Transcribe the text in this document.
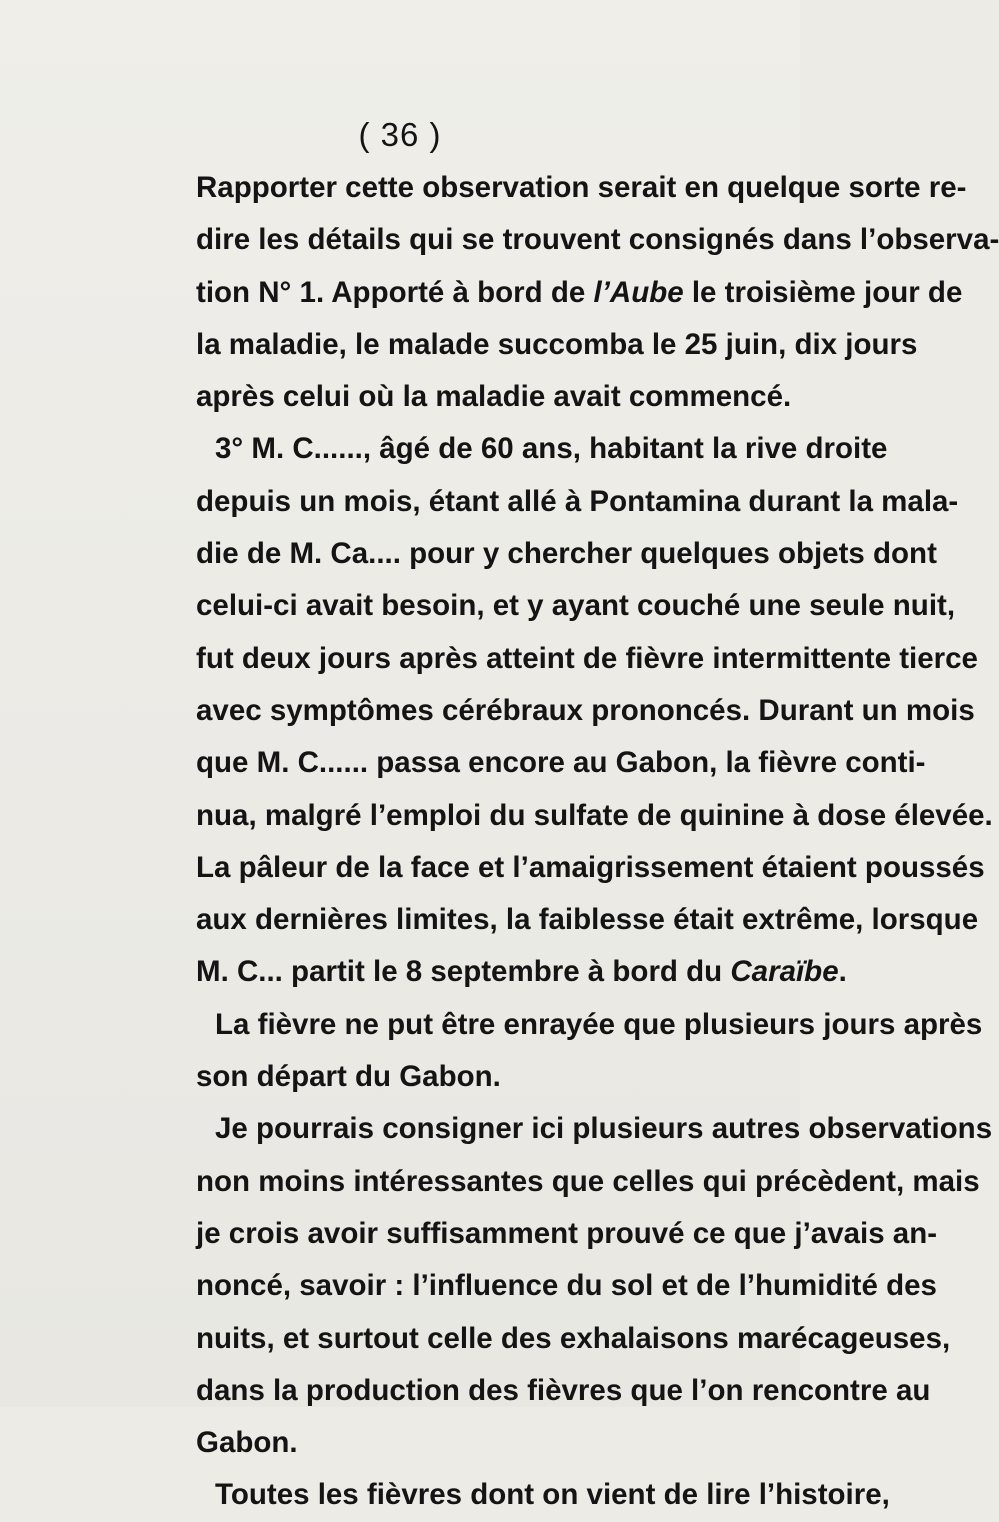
( 36 )
Rapporter cette observation serait en quelque sorte re-
dire les détails qui se trouvent consignés dans l’observa-
tion N° 1. Apporté à bord de l’Aube le troisième jour de
la maladie, le malade succomba le 25 juin, dix jours
après celui où la maladie avait commencé.
3° M. C......, âgé de 60 ans, habitant la rive droite
depuis un mois, étant allé à Pontamina durant la mala-
die de M. Ca.... pour y chercher quelques objets dont
celui-ci avait besoin, et y ayant couché une seule nuit,
fut deux jours après atteint de fièvre intermittente tierce
avec symptômes cérébraux prononcés. Durant un mois
que M. C...... passa encore au Gabon, la fièvre conti-
nua, malgré l’emploi du sulfate de quinine à dose élevée.
La pâleur de la face et l’amaigrissement étaient poussés
aux dernières limites, la faiblesse était extrême, lorsque
M. C... partit le 8 septembre à bord du Caraïbe.
La fièvre ne put être enrayée que plusieurs jours après
son départ du Gabon.
Je pourrais consigner ici plusieurs autres observations
non moins intéressantes que celles qui précèdent, mais
je crois avoir suffisamment prouvé ce que j’avais an-
noncé, savoir : l’influence du sol et de l’humidité des
nuits, et surtout celle des exhalaisons marécageuses,
dans la production des fièvres que l’on rencontre au
Gabon.
Toutes les fièvres dont on vient de lire l’histoire,
